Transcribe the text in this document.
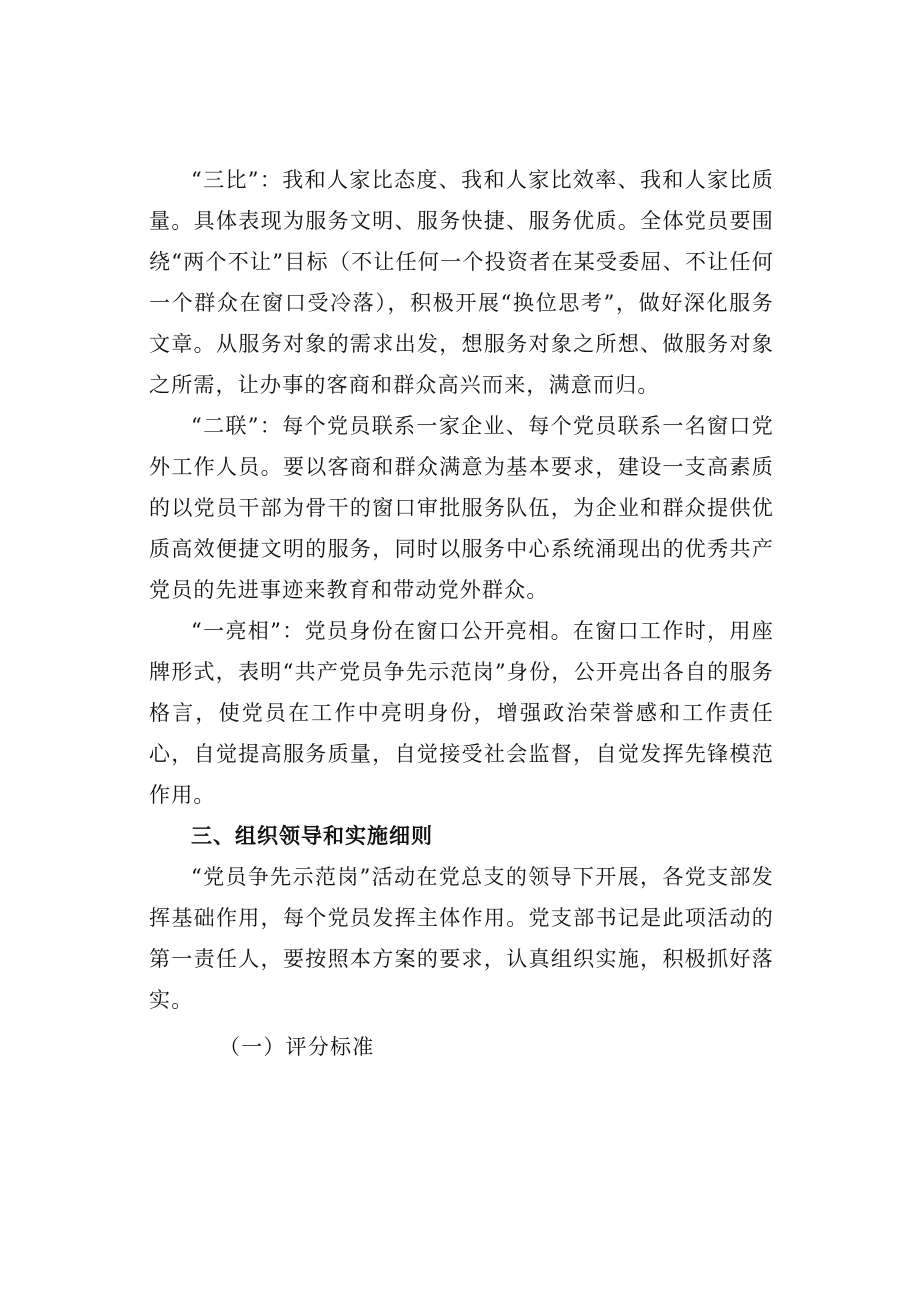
“三比”：我和人家比态度、我和人家比效率、我和人家比质量。具体表现为服务文明、服务快捷、服务优质。全体党员要围绕“两个不让”目标（不让任何一个投资者在某受委屈、不让任何一个群众在窗口受冷落），积极开展“换位思考”，做好深化服务文章。从服务对象的需求出发，想服务对象之所想、做服务对象之所需，让办事的客商和群众高兴而来，满意而归。

“二联”：每个党员联系一家企业、每个党员联系一名窗口党外工作人员。要以客商和群众满意为基本要求，建设一支高素质的以党员干部为骨干的窗口审批服务队伍，为企业和群众提供优质高效便捷文明的服务，同时以服务中心系统涌现出的优秀共产党员的先进事迹来教育和带动党外群众。

“一亮相”：党员身份在窗口公开亮相。在窗口工作时，用座牌形式，表明“共产党员争先示范岗”身份，公开亮出各自的服务格言，使党员在工作中亮明身份，增强政治荣誉感和工作责任心，自觉提高服务质量，自觉接受社会监督，自觉发挥先锋模范作用。

三、组织领导和实施细则

“党员争先示范岗”活动在党总支的领导下开展，各党支部发挥基础作用，每个党员发挥主体作用。党支部书记是此项活动的第一责任人，要按照本方案的要求，认真组织实施，积极抓好落实。

（一）评分标准
